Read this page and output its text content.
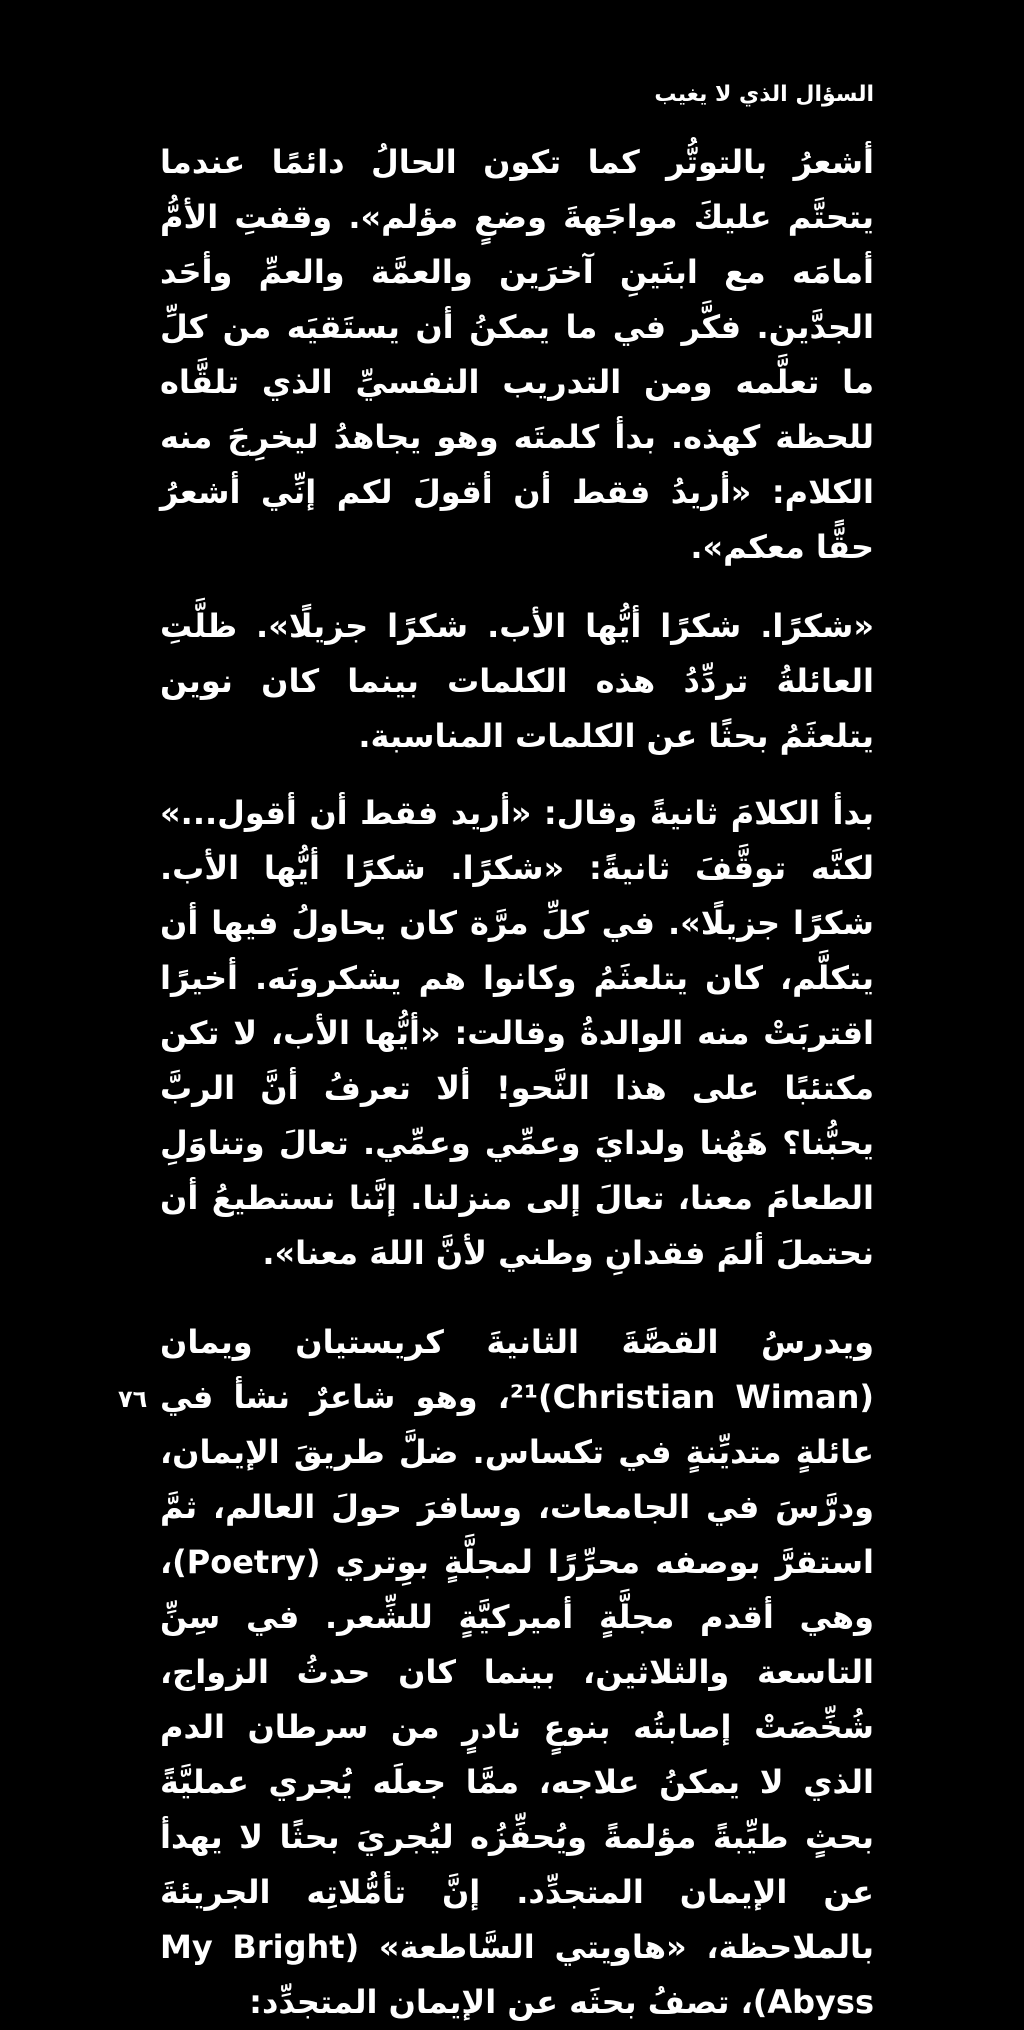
السؤال الذي لا يغيب

أشعرُ بالتوتُّر كما تكون الحالُ دائمًا عندما يتحتَّم عليكَ مواجَهةَ وضعٍ مؤلم». وقفتِ الأمُّ أمامَه مع ابنَينِ آخرَين والعمَّة والعمِّ وأحَد الجدَّين. فكَّر في ما يمكنُ أن يستَقيَه من كلِّ ما تعلَّمه ومن التدريب النفسيِّ الذي تلقَّاه للحظة كهذه. بدأ كلمتَه وهو يجاهدُ ليخرِجَ منه الكلام: «أريدُ فقط أن أقولَ لكم إنِّي أشعرُ حقًّا معكم».

«شكرًا. شكرًا أيُّها الأب. شكرًا جزيلًا». ظلَّتِ العائلةُ تردِّدُ هذه الكلمات بينما كان نوين يتلعثَمُ بحثًا عن الكلمات المناسبة.

بدأ الكلامَ ثانيةً وقال: «أريد فقط أن أقول...» لكنَّه توقَّفَ ثانيةً: «شكرًا. شكرًا أيُّها الأب. شكرًا جزيلًا». في كلِّ مرَّة كان يحاولُ فيها أن يتكلَّم، كان يتلعثَمُ وكانوا هم يشكرونَه. أخيرًا اقتربَتْ منه الوالدةُ وقالت: «أيُّها الأب، لا تكن مكتئبًا على هذا النَّحو! ألا تعرفُ أنَّ الربَّ يحبُّنا؟ هَهُنا ولدايَ وعمِّي وعمِّي. تعالَ وتناوَلِ الطعامَ معنا، تعالَ إلى منزلنا. إنَّنا نستطيعُ أن نحتملَ ألمَ فقدانِ وطني لأنَّ اللهَ معنا».

ويدرسُ القصَّةَ الثانيةَ كريستيان ويمان (Christian Wiman)²¹، وهو شاعرٌ نشأ في عائلةٍ متديِّنةٍ في تكساس. ضلَّ طريقَ الإيمان، ودرَّسَ في الجامعات، وسافرَ حولَ العالم، ثمَّ استقرَّ بوصفه محرِّرًا لمجلَّةٍ بوِتري (Poetry)، وهي أقدم مجلَّةٍ أميركيَّةٍ للشِّعر. في سِنِّ التاسعة والثلاثين، بينما كان حدثُ الزواج، شُخِّصَتْ إصابتُه بنوعٍ نادرٍ من سرطان الدم الذي لا يمكنُ علاجه، ممَّا جعلَه يُجري عمليَّةً بحثٍ طيِّبةً مؤلمةً ويُحفِّزُه ليُجريَ بحثًا لا يهدأ عن الإيمان المتجدِّد. إنَّ تأمُّلاتِه الجريئةَ بالملاحظة، «هاويتي السَّاطعة» (My Bright Abyss)، تصفُ بحثَه عن الإيمان المتجدِّد:

٧٦
